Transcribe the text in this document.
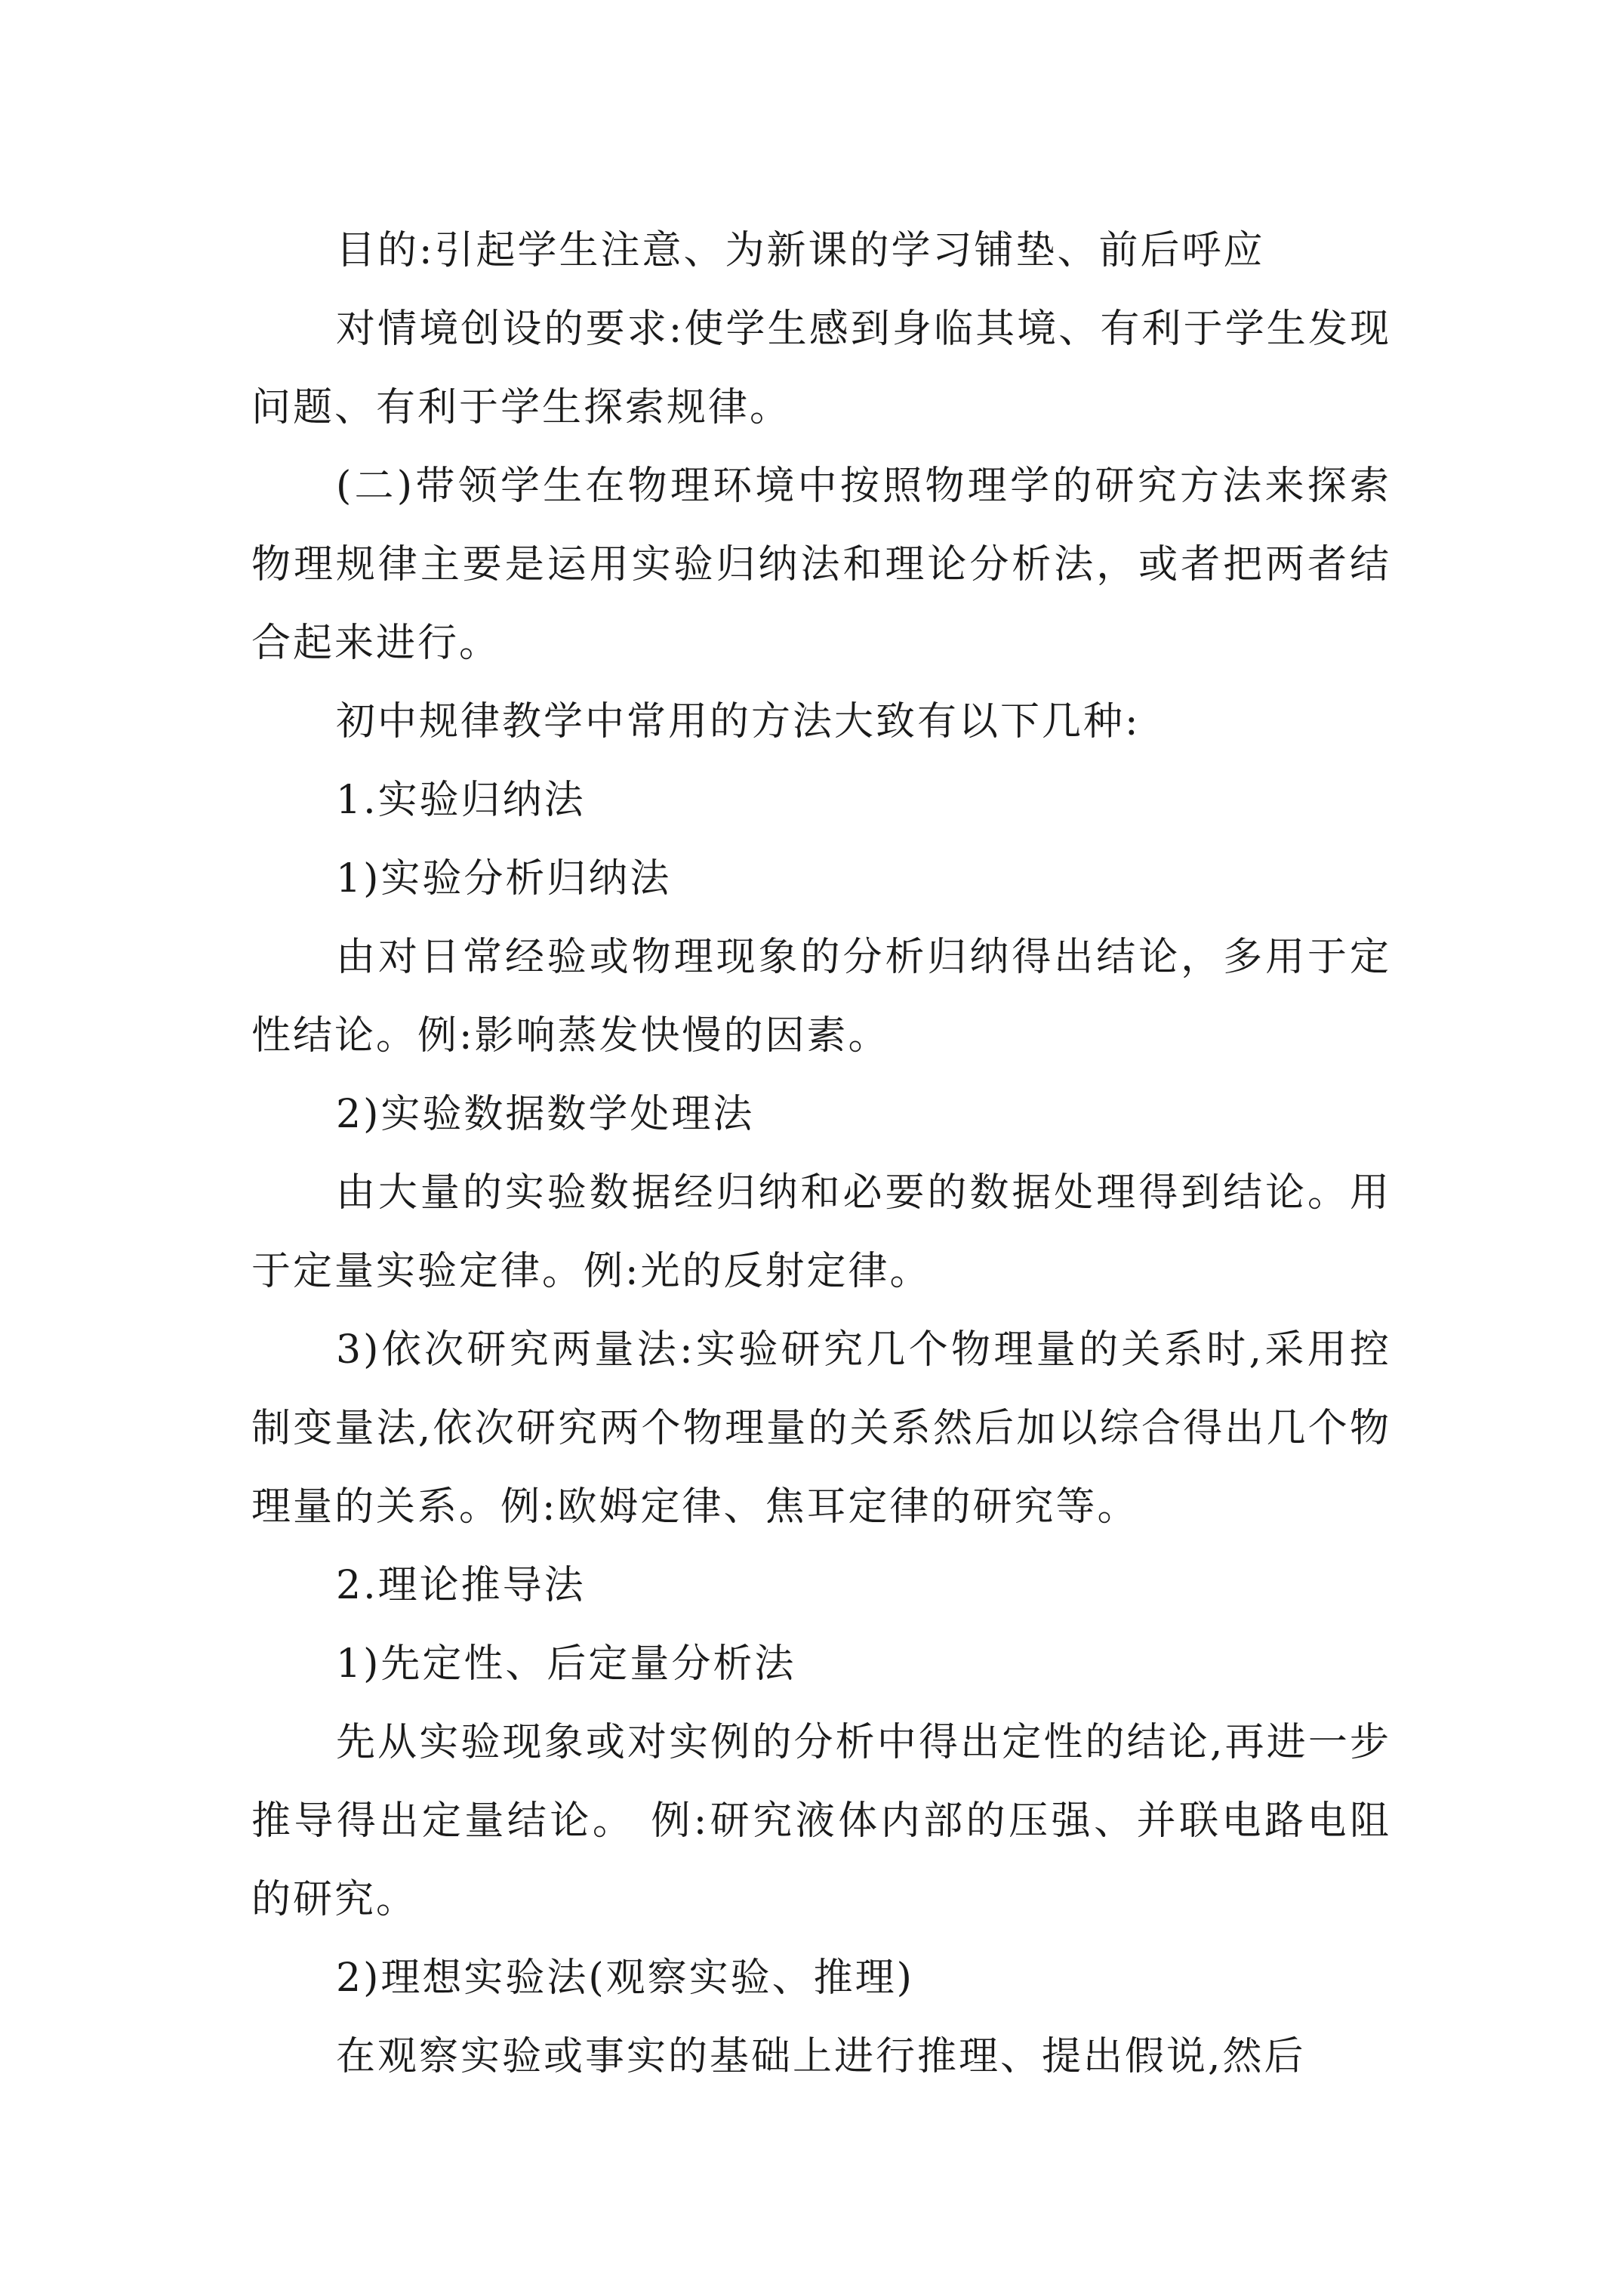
目的:引起学生注意、为新课的学习铺垫、前后呼应

对情境创设的要求:使学生感到身临其境、有利于学生发现问题、有利于学生探索规律。

(二)带领学生在物理环境中按照物理学的研究方法来探索物理规律主要是运用实验归纳法和理论分析法，或者把两者结合起来进行。

初中规律教学中常用的方法大致有以下几种:

1.实验归纳法

1)实验分析归纳法

由对日常经验或物理现象的分析归纳得出结论，多用于定性结论。例:影响蒸发快慢的因素。

2)实验数据数学处理法

由大量的实验数据经归纳和必要的数据处理得到结论。用于定量实验定律。例:光的反射定律。

3)依次研究两量法:实验研究几个物理量的关系时,采用控制变量法,依次研究两个物理量的关系然后加以综合得出几个物理量的关系。例:欧姆定律、焦耳定律的研究等。

2.理论推导法

1)先定性、后定量分析法

先从实验现象或对实例的分析中得出定性的结论,再进一步推导得出定量结论。 例:研究液体内部的压强、并联电路电阻的研究。

2)理想实验法(观察实验、推理)

在观察实验或事实的基础上进行推理、提出假说,然后
